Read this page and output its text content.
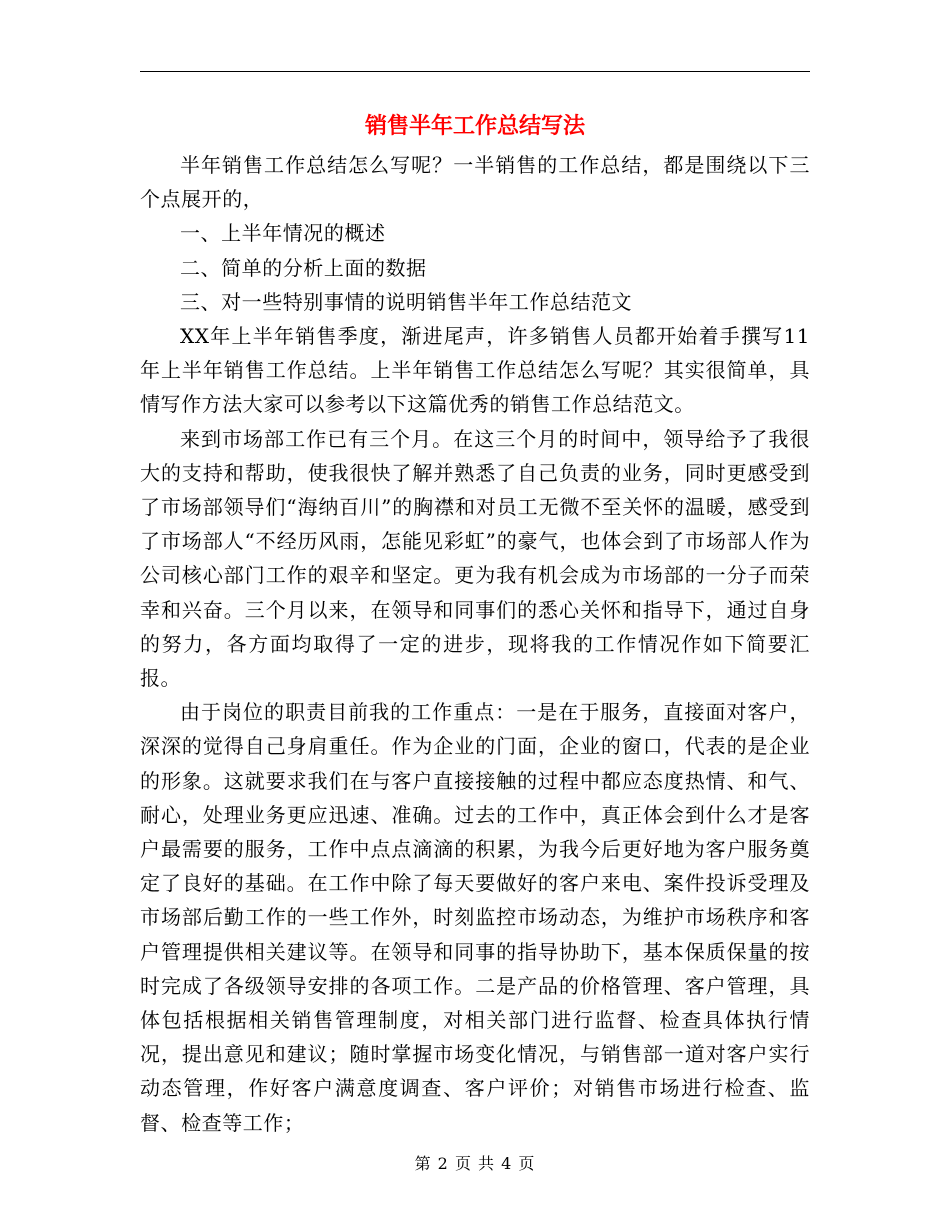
销售半年工作总结写法

半年销售工作总结怎么写呢？一半销售的工作总结，都是围绕以下三个点展开的，

一、上半年情况的概述

二、简单的分析上面的数据

三、对一些特别事情的说明销售半年工作总结范文

XX年上半年销售季度，渐进尾声，许多销售人员都开始着手撰写11年上半年销售工作总结。上半年销售工作总结怎么写呢？其实很简单，具情写作方法大家可以参考以下这篇优秀的销售工作总结范文。

来到市场部工作已有三个月。在这三个月的时间中，领导给予了我很大的支持和帮助，使我很快了解并熟悉了自己负责的业务，同时更感受到了市场部领导们“海纳百川”的胸襟和对员工无微不至关怀的温暖，感受到了市场部人“不经历风雨，怎能见彩虹”的豪气，也体会到了市场部人作为公司核心部门工作的艰辛和坚定。更为我有机会成为市场部的一分子而荣幸和兴奋。三个月以来，在领导和同事们的悉心关怀和指导下，通过自身的努力，各方面均取得了一定的进步，现将我的工作情况作如下简要汇报。

由于岗位的职责目前我的工作重点：一是在于服务，直接面对客户，深深的觉得自己身肩重任。作为企业的门面，企业的窗口，代表的是企业的形象。这就要求我们在与客户直接接触的过程中都应态度热情、和气、耐心，处理业务更应迅速、准确。过去的工作中，真正体会到什么才是客户最需要的服务，工作中点点滴滴的积累，为我今后更好地为客户服务奠定了良好的基础。在工作中除了每天要做好的客户来电、案件投诉受理及市场部后勤工作的一些工作外，时刻监控市场动态，为维护市场秩序和客户管理提供相关建议等。在领导和同事的指导协助下，基本保质保量的按时完成了各级领导安排的各项工作。二是产品的价格管理、客户管理，具体包括根据相关销售管理制度，对相关部门进行监督、检查具体执行情况，提出意见和建议；随时掌握市场变化情况，与销售部一道对客户实行动态管理，作好客户满意度调查、客户评价；对销售市场进行检查、监督、检查等工作；

第 2 页 共 4 页
